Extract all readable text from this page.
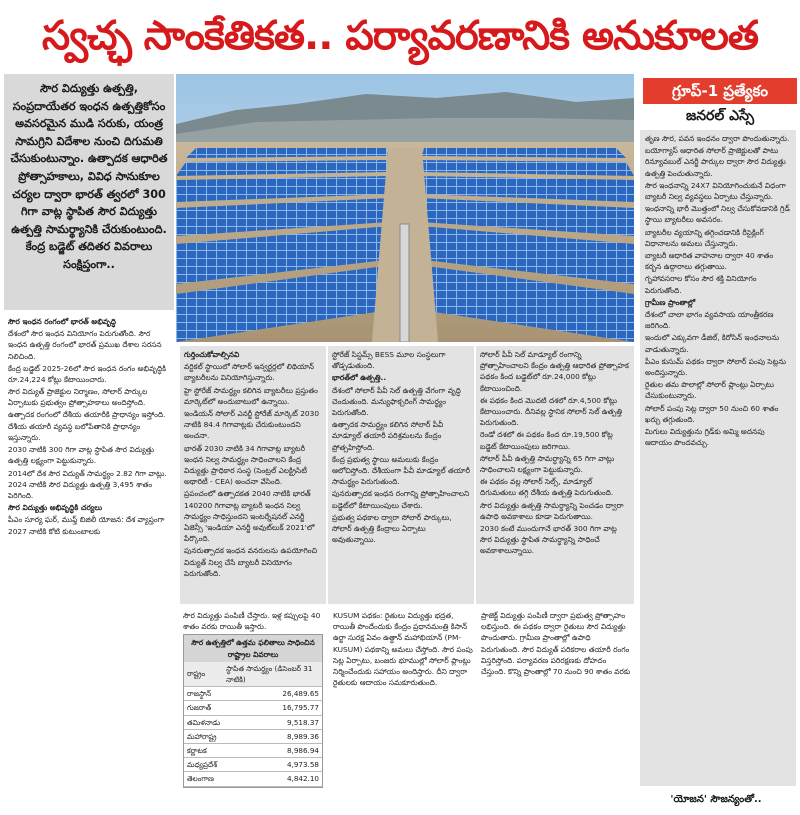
స్వచ్ఛ సాంకేతికత.. పర్యావరణానికి అనుకూలత
సౌర విద్యుత్తు ఉత్పత్తి, సంప్రదాయేతర ఇంధన ఉత్పత్తికోసం అవసరమైన ముడి సరుకు, యంత్ర సామగ్రిని విదేశాల నుంచి దిగుమతి చేసుకుంటున్నాం. ఉత్పాదక ఆధారిత ప్రోత్సాహకాలు, వివిధ సానుకూల చర్యల ద్వారా భారత్ త్వరలో 300 గిగా వాట్ల స్థాపిత సౌర విద్యుత్తు ఉత్పత్తి సామర్థ్యానికి చేరుకుంటుంది. కేంద్ర బడ్జెట్ తదితర వివరాలు సంక్షిప్తంగా..
గ్రూప్-1 ప్రత్యేకం
జనరల్ ఎస్సే

సౌర ఇంధన రంగంలో భారత్ అభివృద్ధి

దేశంలో సౌర ఇంధన వినియోగం పెరుగుతోంది. సౌర ఇంధన ఉత్పత్తి రంగంలో భారత్ ప్రముఖ దేశాల సరసన నిలిచింది.

కేంద్ర బడ్జెట్ 2025-26లో సౌర ఇంధన రంగం అభివృద్ధికి రూ.24,224 కోట్లు కేటాయించారు.

సౌర విద్యుత్ ప్రాజెక్టుల నిర్మాణం, సోలార్ పార్కుల ఏర్పాటుకు ప్రభుత్వం ప్రోత్సాహకాలు అందిస్తోంది. ఉత్పాదక రంగంలో దేశీయ తయారీకి ప్రాధాన్యం ఇస్తోంది.

దేశీయ తయారీ వ్యవస్థ బలోపేతానికి ప్రాధాన్యం ఇస్తున్నారు.

2030 నాటికి 300 గిగా వాట్ల స్థాపిత సౌర విద్యుత్తు ఉత్పత్తి లక్ష్యంగా పెట్టుకున్నారు.

2014లో దేశ సౌర విద్యుత్ సామర్థ్యం 2.82 గిగా వాట్లు. 2024 నాటికి సౌర విద్యుత్తు ఉత్పత్తి 3,495 శాతం పెరిగింది.

సౌర విద్యుత్తు అభివృద్ధికి చర్యలు

పీఎం సూర్య ఘర్, ముఫ్త్ బిజిలీ యోజన: దేశ వ్యాప్తంగా 2027 నాటికి కోటి కుటుంబాలకు

గుర్తించుకోవాల్సినవి

వర్టికల్ స్థాయిలో సోలార్ ఇన్వర్టర్లలో లిథియాన్ బ్యాటరీలను వినియోగిస్తున్నారు.

హై స్టోరేజ్ సామర్థ్యం కలిగిన బ్యాటరీలు ప్రస్తుతం మార్కెట్‌లో అందుబాటులో ఉన్నాయి.

ఇండియన్ సోలార్ ఎనర్జీ స్టోరేజ్ మార్కెట్ 2030 నాటికి 84.4 గిగావాట్లకు చేరుకుంటుందని అంచనా.

భారత్ 2030 నాటికి 34 గిగావాట్ల బ్యాటరీ ఇంధన నిల్వ సామర్థ్యం సాధించాలని కేంద్ర విద్యుత్తు ప్రాధికార సంస్థ (సెంట్రల్ ఎలక్ట్రిసిటీ అథారిటీ - CEA) అంచనా వేసింది.

ప్రపంచంలో ఉత్పాదకత 2040 నాటికి భారత్ 140200 గిగావాట్ల బ్యాటరీ ఇంధన నిల్వ సామర్థ్యం సాధిస్తుందని ఇంటర్నేషనల్ ఎనర్జీ ఏజెన్సీ 'ఇండియా ఎనర్జీ అవుట్‌లుక్ 2021'లో పేర్కొంది.

పునరుత్పాదక ఇంధన వనరులను ఉపయోగించి విద్యుత్ నిల్వ చేసే బ్యాటరీ వినియోగం పెరుగుతోంది.

స్టోరేజ్ సిస్టమ్స్ BESS మూల సంస్థలుగా తోడ్పడుతుంది.

భారత్‌లో ఉత్పత్తి..

దేశంలో సోలార్ పీవీ సెల్ ఉత్పత్తి వేగంగా వృద్ధి చెందుతుంది. మన్యుఫాక్చరింగ్ సామర్థ్యం పెరుగుతోంది.

ఉత్పాదక సామర్థ్యం కలిగిన సోలార్ పీవీ మాడ్యూల్ తయారీ పరిశ్రమలను కేంద్రం ప్రోత్సహిస్తోంది.

కేంద్ర ప్రభుత్వ స్థాయి అమలుకు కేంద్రం ఆలోచిస్తోంది. దేశీయంగా పీవీ మాడ్యూల్ తయారీ సామర్థ్యం పెరుగుతుంది.

పునరుత్పాదక ఇంధన రంగాన్ని ప్రోత్సాహించాలని బడ్జెట్‌లో కేటాయింపులు చేశారు.

ప్రభుత్వ పథకాల ద్వారా సోలార్ పార్కులు, సోలార్ ఉత్పత్తి కేంద్రాలు ఏర్పాటు అవుతున్నాయి.

సోలార్ పీవీ సెల్ మాడ్యూల్ రంగాన్ని ప్రోత్సాహించాలని కేంద్రం ఉత్పత్తి ఆధారిత ప్రోత్సాహక పథకం కింద బడ్జెట్‌లో రూ.24,000 కోట్లు కేటాయించింది.

ఈ పథకం కింద మొదటి దశలో రూ.4,500 కోట్లు కేటాయించారు. దీనివల్ల స్థానిక సోలార్ సెల్ ఉత్పత్తి పెరుగుతుంది.

రెండో దశలో ఈ పథకం కింద రూ.19,500 కోట్ల బడ్జెట్ కేటాయింపులు జరిగాయి.

సోలార్ పీవీ ఉత్పత్తి సామర్థ్యాన్ని 65 గిగా వాట్లు సాధించాలని లక్ష్యంగా పెట్టుకున్నారు.

ఈ పథకం వల్ల సోలార్ సెల్స్, మాడ్యూల్ దిగుమతులు తగ్గి దేశీయ ఉత్పత్తి పెరుగుతుంది.

సౌర విద్యుత్తు ఉత్పత్తి సామర్థ్యాన్ని పెంచడం ద్వారా ఉపాధి అవకాశాలు కూడా పెరుగుతాయి.

2030 కంటే ముందుగానే భారత్ 300 గిగా వాట్ల సౌర విద్యుత్తు స్థాపిత సామర్థ్యాన్ని సాధించే అవకాశాలున్నాయి.

తృణ సౌర, పవన ఇంధనం ద్వారా పొందుతున్నారు.

బయోగ్యాస్ ఆధారిత సోలార్ ప్రాజెక్టులతో పాటు రిన్యూవబుల్ ఎనర్జీ పార్కుల ద్వారా సౌర విద్యుత్తు ఉత్పత్తి పెంచుతున్నారు.

సౌర ఇంధనాన్ని 24X7 వినియోగించుకునే విధంగా బ్యాటరీ నిల్వ వ్యవస్థలు ఏర్పాటు చేస్తున్నారు.

ఇంధనాన్ని భారీ మొత్తంలో నిల్వ చేసుకోవడానికి గ్రిడ్ స్థాయి బ్యాటరీలు అవసరం.

బ్యాటరీల వ్యయాన్ని తగ్గించడానికి రీసైక్లింగ్ విధానాలను అమలు చేస్తున్నారు.

బ్యాటరీ ఆధారిత వాహనాల ద్వారా 40 శాతం కర్బన ఉద్గారాలు తగ్గుతాయి.

గృహావసరాల కోసం సౌర శక్తి వినియోగం పెరుగుతోంది.

గ్రామీణ ప్రాంతాల్లో

దేశంలో చాలా భాగం వ్యవసాయ యాంత్రీకరణ జరిగింది.

ఇందులో ఎక్కువగా డీజిల్, కిరోసిన్ ఇంధనాలను వాడుతున్నారు.

పీఎం కుసుమ్ పథకం ద్వారా సోలార్ పంపు సెట్లను అందిస్తున్నారు.

రైతుల తమ పొలాల్లో సోలార్ ప్లాంట్లు ఏర్పాటు చేసుకుంటున్నారు.

సోలార్ పంపు సెట్ల ద్వారా 50 నుంచి 60 శాతం ఖర్చు తగ్గుతుంది.

మిగులు విద్యుత్తును గ్రిడ్‌కు అమ్మి అదనపు ఆదాయం పొందవచ్చు.

సౌర విద్యుత్తు పంపిణీ చేస్తారు. ఇళ్ల కప్పులపై 40 శాతం వరకు రాయితీ ఇస్తారు.

సౌర ఉత్పత్తిలో ఉత్తమ ఫలితాలు సాధించిన రాష్ట్రాల వివరాలు
రాష్ట్రం	స్థాపిత సామర్థ్యం (డిసెంబర్ 31 నాటికి)
రాజస్థాన్	26,489.65
గుజరాత్	16,795.77
తమిళనాడు	9,518.37
మహారాష్ట్ర	8,989.36
కర్ణాటక	8,986.94
మధ్యప్రదేశ్	4,973.58
తెలంగాణ	4,842.10

KUSUM పథకం: రైతులు విద్యుత్తు భద్రత, రాయితీ పొందేందుకు కేంద్రం ప్రధానమంత్రి కిసాన్ ఉర్జా సురక్ష ఏవం ఉత్థాన్ మహాభియాన్ (PM-KUSUM) పథకాన్ని అమలు చేస్తోంది. సౌర పంపు సెట్ల ఏర్పాటు, బంజరు భూముల్లో సోలార్ ప్లాంట్లు నిర్మించేందుకు సహాయం అందిస్తారు. దీని ద్వారా రైతులకు ఆదాయం సమకూరుతుంది.

ప్రాజెక్ట్ విద్యుత్తు పంపిణీ ద్వారా ప్రభుత్వ ప్రోత్సాహం లభిస్తుంది. ఈ పథకం ద్వారా రైతులు సౌర విద్యుత్తు పొందుతారు. గ్రామీణ ప్రాంతాల్లో ఉపాధి పెరుగుతుంది. సౌర విద్యుత్ పరికరాల తయారీ రంగం విస్తరిస్తోంది. పర్యావరణ పరిరక్షణకు దోహదం చేస్తుంది. కొన్ని ప్రాంతాల్లో 70 నుంచి 90 శాతం వరకు

'యోజన' సౌజన్యంతో..
